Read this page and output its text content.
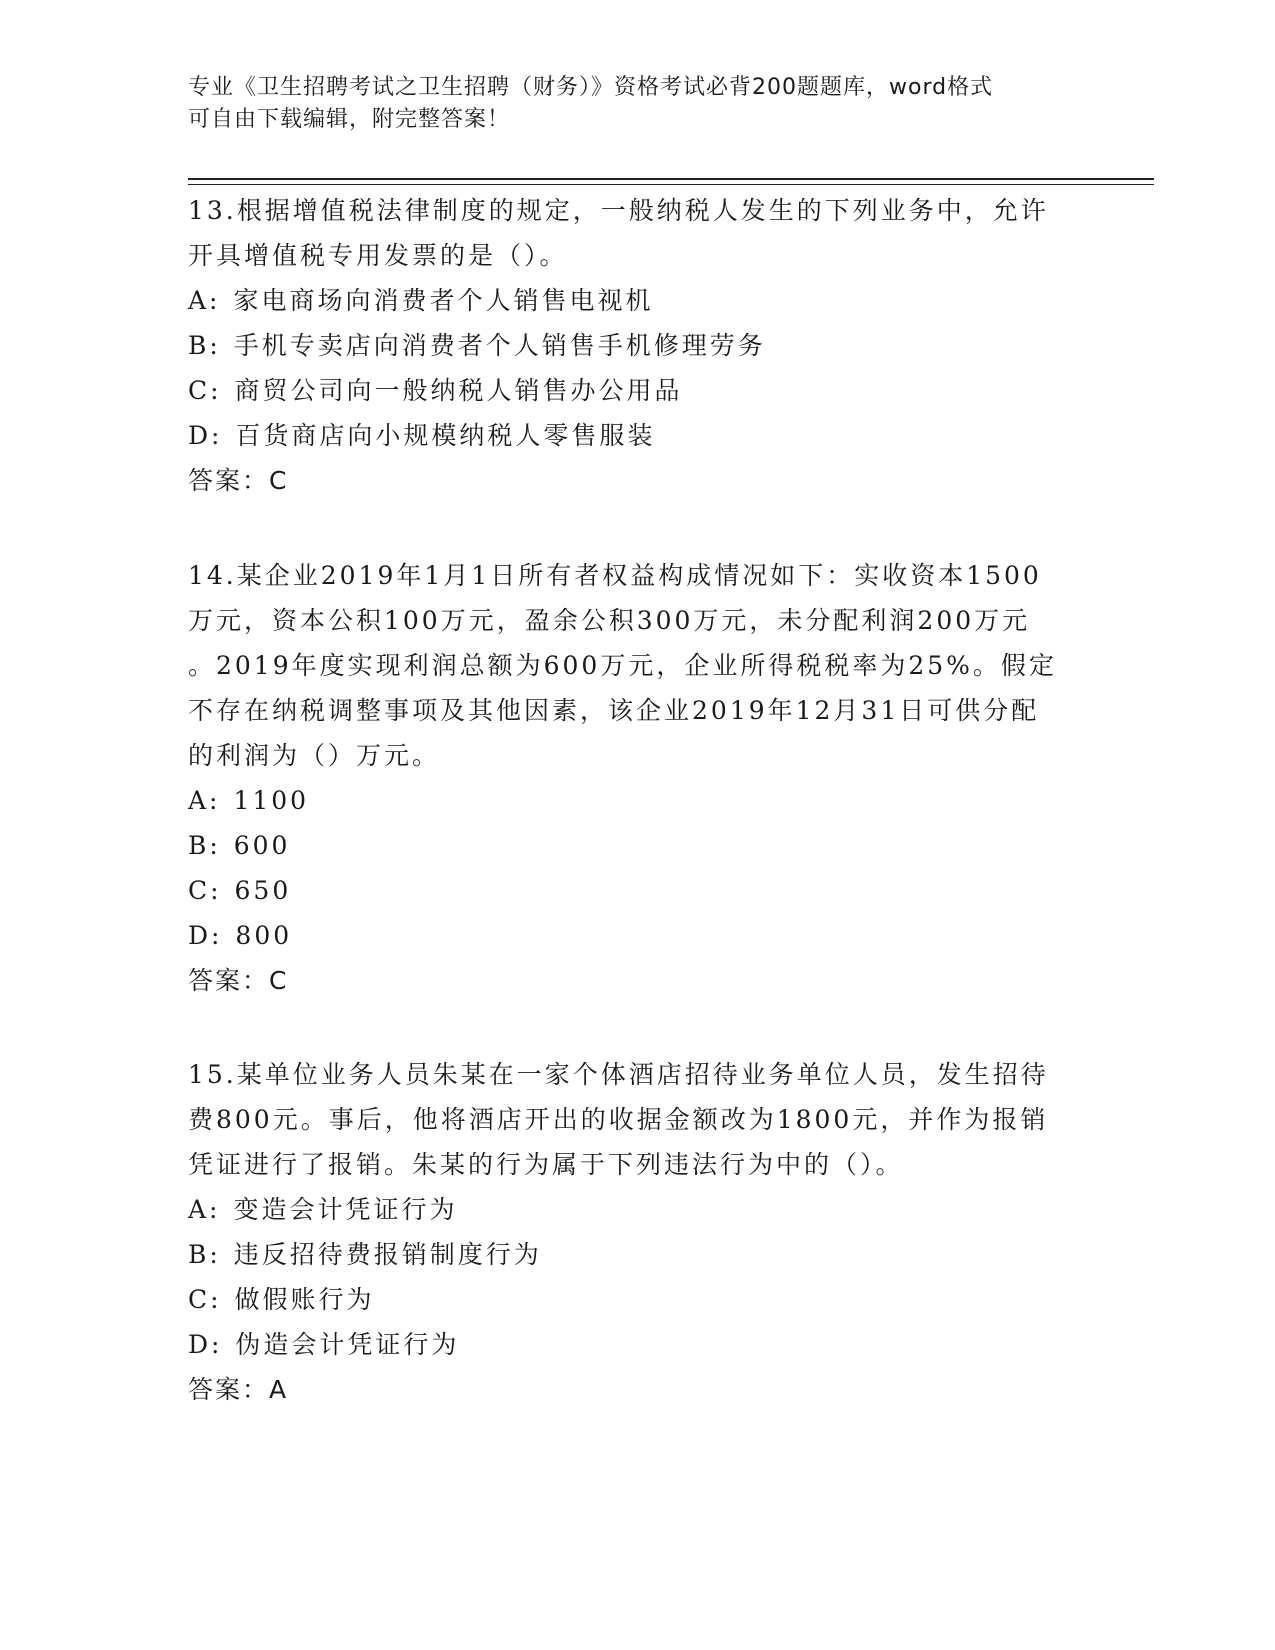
专业《卫生招聘考试之卫生招聘（财务）》资格考试必背200题题库，word格式
可自由下载编辑，附完整答案！
13.根据增值税法律制度的规定，一般纳税人发生的下列业务中，允许
开具增值税专用发票的是（）。
A: 家电商场向消费者个人销售电视机
B: 手机专卖店向消费者个人销售手机修理劳务
C: 商贸公司向一般纳税人销售办公用品
D: 百货商店向小规模纳税人零售服装
答案：C
14.某企业2019年1月1日所有者权益构成情况如下：实收资本1500
万元，资本公积100万元，盈余公积300万元，未分配利润200万元
。2019年度实现利润总额为600万元，企业所得税税率为25%。假定
不存在纳税调整事项及其他因素，该企业2019年12月31日可供分配
的利润为（）万元。
A: 1100
B: 600
C: 650
D: 800
答案：C
15.某单位业务人员朱某在一家个体酒店招待业务单位人员，发生招待
费800元。事后，他将酒店开出的收据金额改为1800元，并作为报销
凭证进行了报销。朱某的行为属于下列违法行为中的（）。
A: 变造会计凭证行为
B: 违反招待费报销制度行为
C: 做假账行为
D: 伪造会计凭证行为
答案：A
